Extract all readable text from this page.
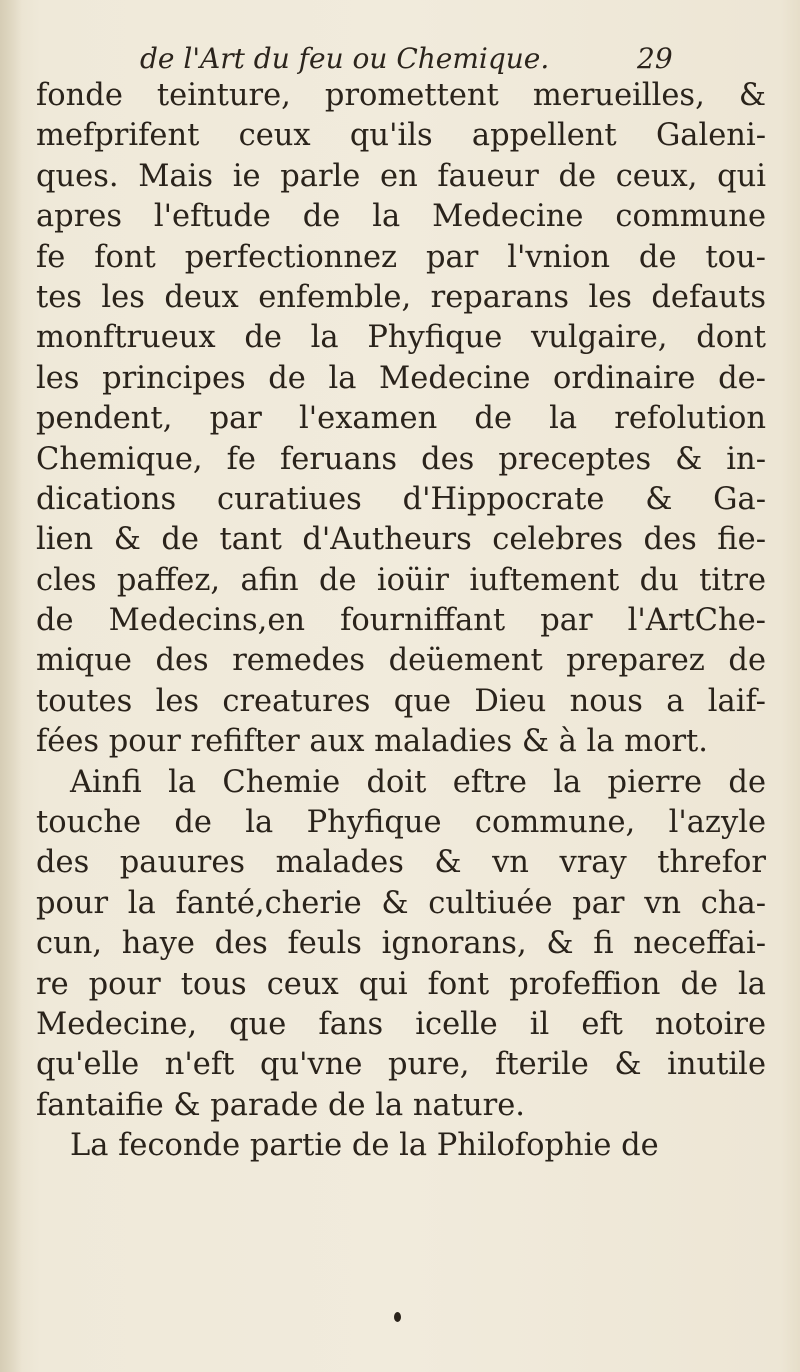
de l'Art du feu ou Chemique.	29
fonde teinture, promettent merueilles, &
mefprifent ceux qu'ils appellent Galeni-
ques. Mais ie parle en faueur de ceux, qui
apres l'eftude de la Medecine commune
fe font perfectionnez par l'vnion de tou-
tes les deux enfemble, reparans les defauts
monftrueux de la Phyfique vulgaire, dont
les principes de la Medecine ordinaire de-
pendent, par l'examen de la refolution
Chemique, fe feruans des preceptes & in-
dications curatiues d'Hippocrate & Ga-
lien & de tant d'Autheurs celebres des fie-
cles paffez, afin de ioüir iuftement du titre
de Medecins,en fourniffant par l'ArtChe-
mique des remedes deüement preparez de
toutes les creatures que Dieu nous a laif-
fées pour refifter aux maladies & à la mort.
Ainfi la Chemie doit eftre la pierre de
touche de la Phyfique commune, l'azyle
des pauures malades & vn vray threfor
pour la fanté,cherie & cultiuée par vn cha-
cun, haye des feuls ignorans, & fi neceffai-
re pour tous ceux qui font profeffion de la
Medecine, que fans icelle il eft notoire
qu'elle n'eft qu'vne pure, fterile & inutile
fantaifie & parade de la nature.
La feconde partie de la Philofophie de
